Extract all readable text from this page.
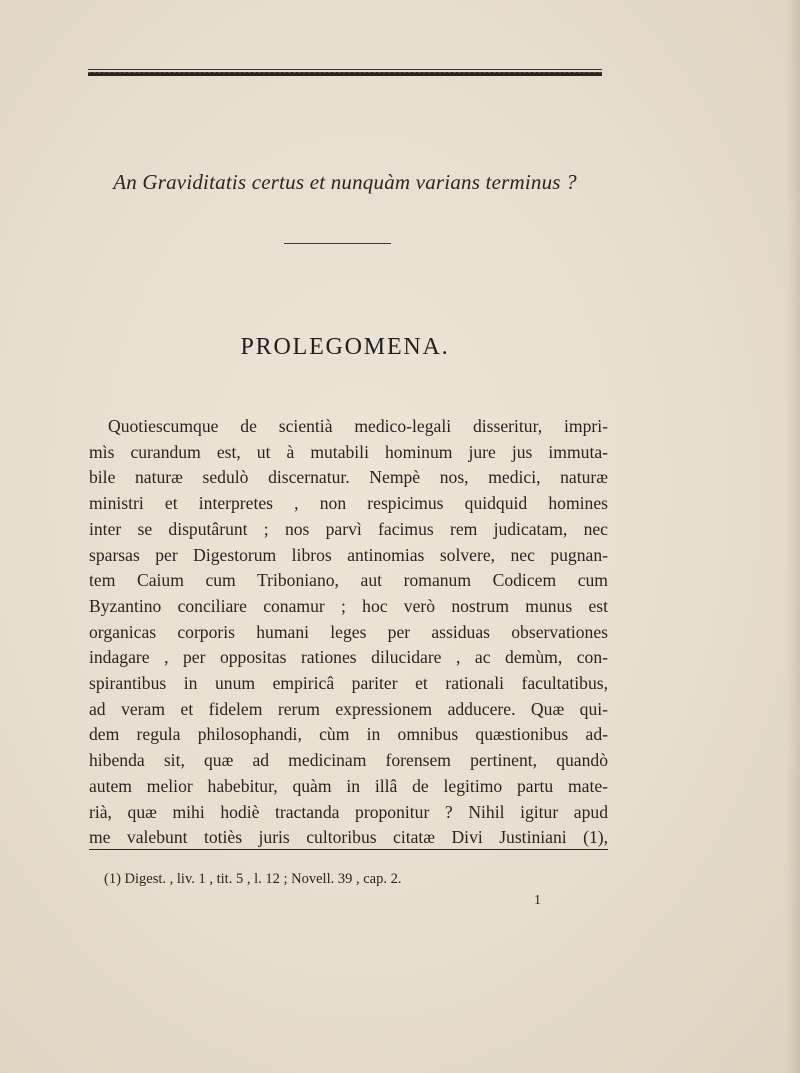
An Graviditatis certus et nunquàm varians terminus ?
PROLEGOMENA.
Quotiescumque de scientià medico-legali disseritur, impri-
mìs curandum est, ut à mutabili hominum jure jus immuta-
bile naturæ sedulò discernatur. Nempè nos, medici, naturæ
ministri et interpretes , non respicimus quidquid homines
inter se disputârunt ; nos parvì facimus rem judicatam, nec
sparsas per Digestorum libros antinomias solvere, nec pugnan-
tem Caium cum Triboniano, aut romanum Codicem cum
Byzantino conciliare conamur ; hoc verò nostrum munus est
organicas corporis humani leges per assiduas observationes
indagare , per oppositas rationes dilucidare , ac demùm, con-
spirantibus in unum empiricâ pariter et rationali facultatibus,
ad veram et fidelem rerum expressionem adducere. Quæ qui-
dem regula philosophandi, cùm in omnibus quæstionibus ad-
hibenda sit, quæ ad medicinam forensem pertinent, quandò
autem melior habebitur, quàm in illâ de legitimo partu mate-
rià, quæ mihi hodiè tractanda proponitur ? Nihil igitur apud
me valebunt totiès juris cultoribus citatæ Divi Justiniani (1),
(1) Digest. , liv. 1 , tit. 5 , l. 12 ; Novell. 39 , cap. 2.
1
